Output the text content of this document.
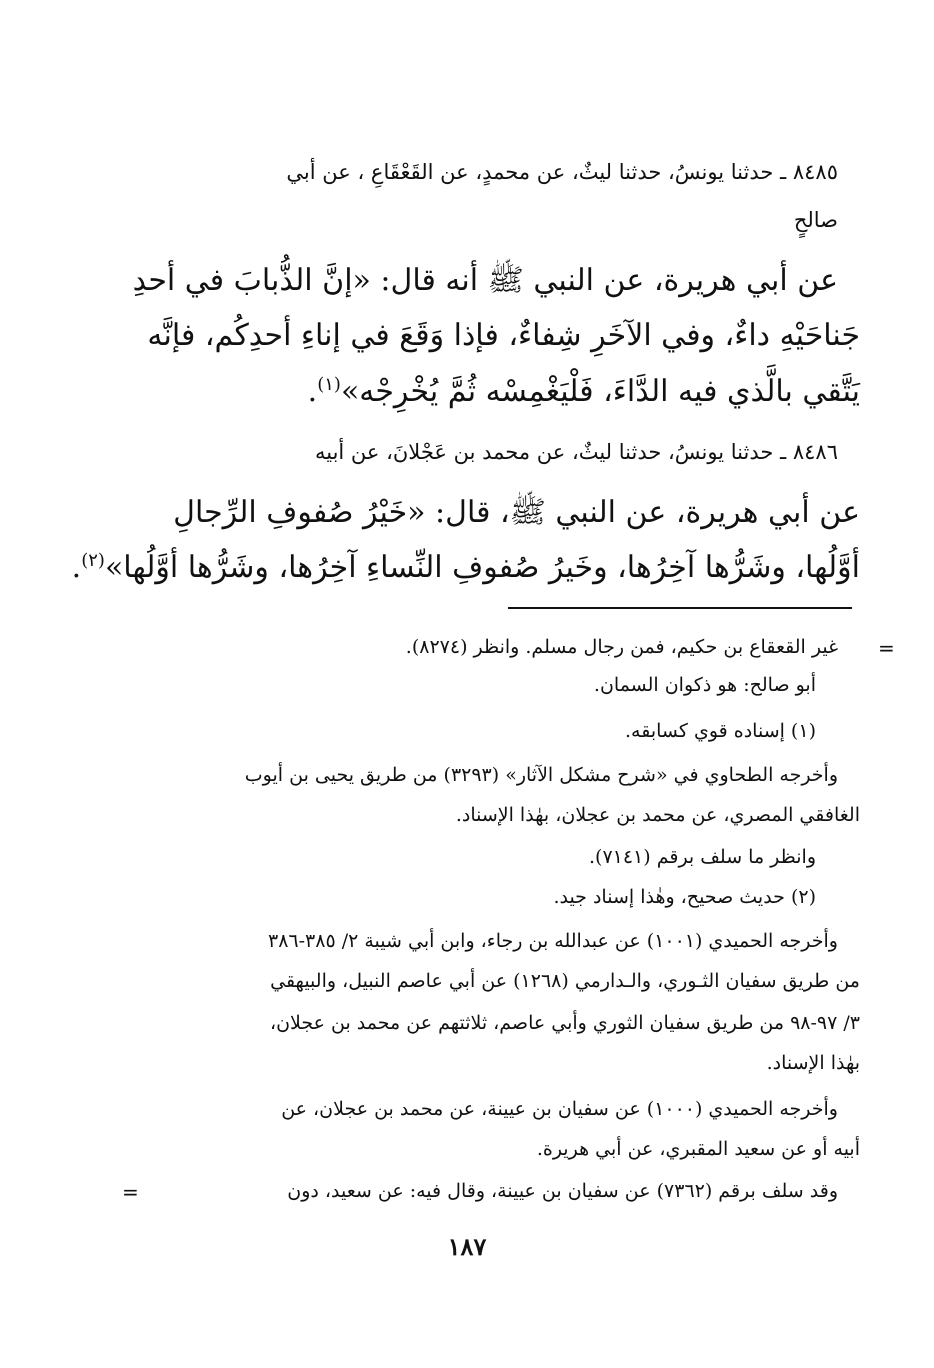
٨٤٨٥ ـ حدثنا يونسُ، حدثنا ليثٌ، عن محمدٍ، عن القَعْقَاعِ ، عن أبي
صالحٍ
عن أبي هريرة، عن النبي ﷺ أنه قال: «إنَّ الذُّبابَ في أحدِ
جَناحَيْهِ داءٌ، وفي الآخَرِ شِفاءٌ، فإذا وَقَعَ في إناءِ أحدِكُم، فإنَّه
يَتَّقي بالَّذي فيه الدَّاءَ، فَلْيَغْمِسْه ثُمَّ يُخْرِجْه»$^{(١)}$.
٨٤٨٦ ـ حدثنا يونسُ، حدثنا ليثٌ، عن محمد بن عَجْلانَ، عن أبيه
عن أبي هريرة، عن النبي ﷺ، قال: «خَيْرُ صُفوفِ الرِّجالِ
أوَّلُها، وشَرُّها آخِرُها، وخَيرُ صُفوفِ النِّساءِ آخِرُها، وشَرُّها أوَّلُها»$^{(٢)}$.
=
غير القعقاع بن حكيم، فمن رجال مسلم. وانظر (٨٢٧٤).
أبو صالح: هو ذكوان السمان.
(١) إسناده قوي كسابقه.
وأخرجه الطحاوي في «شرح مشكل الآثار» (٣٢٩٣) من طريق يحيى بن أيوب
الغافقي المصري، عن محمد بن عجلان، بهٰذا الإسناد.
وانظر ما سلف برقم (٧١٤١).
(٢) حديث صحيح، وهٰذا إسناد جيد.
وأخرجه الحميدي (١٠٠١) عن عبدالله بن رجاء، وابن أبي شيبة ٢/ ٣٨٥-٣٨٦
من طريق سفيان الثـوري، والـدارمي (١٢٦٨) عن أبي عاصم النبيل، والبيهقي
٣/ ٩٧-٩٨ من طريق سفيان الثوري وأبي عاصم، ثلاثتهم عن محمد بن عجلان،
بهٰذا الإسناد.
وأخرجه الحميدي (١٠٠٠) عن سفيان بن عيينة، عن محمد بن عجلان، عن
أبيه أو عن سعيد المقبري، عن أبي هريرة.
وقد سلف برقم (٧٣٦٢) عن سفيان بن عيينة، وقال فيه: عن سعيد، دون
=
١٨٧
